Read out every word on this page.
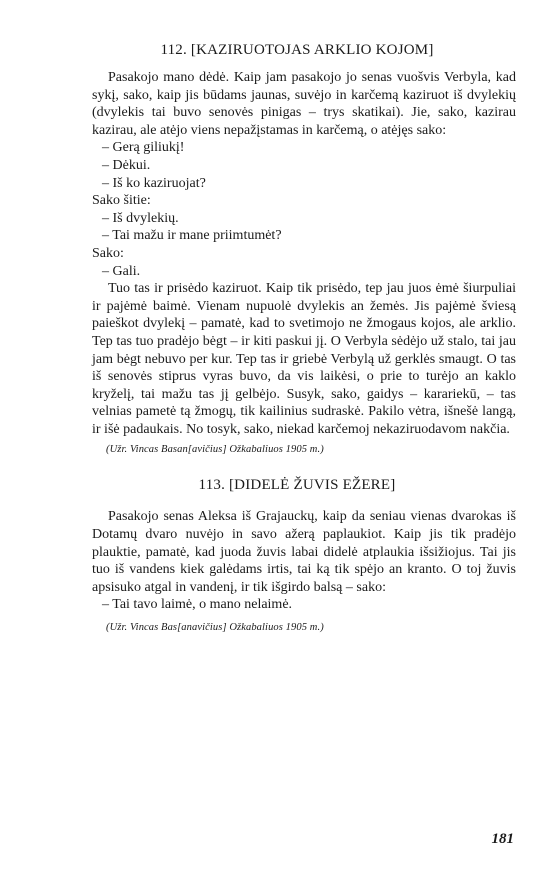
112. [KAZIRUOTOJAS ARKLIO KOJOM]

Pasakojo mano dėdė. Kaip jam pasakojo jo senas vuošvis Verbyla, kad sykį, sako, kaip jis būdams jaunas, suvėjo in karčemą kaziruot iš dvylekių (dvylekis tai buvo senovės pinigas – trys skatikai). Jie, sako, kazirau kazirau, ale atėjo viens nepažįstamas in karčemą, o atėjęs sako:

– Gerą giliukį!
– Dėkui.
– Iš ko kaziruojat?
Sako šitie:
– Iš dvylekių.
– Tai mažu ir mane priimtumėt?
Sako:
– Gali.

Tuo tas ir prisėdo kaziruot. Kaip tik prisėdo, tep jau juos ėmė šiurpuliai ir pajėmė baimė. Vienam nupuolė dvylekis an žemės. Jis pajėmė šviesą paieškot dvylekį – pamatė, kad to svetimojo ne žmogaus kojos, ale arklio. Tep tas tuo pradėjo bėgt – ir kiti paskui jį. O Verbyla sėdėjo už stalo, tai jau jam bėgt nebuvo per kur. Tep tas ir griebė Verbylą už gerklės smaugt. O tas iš senovės stiprus vyras buvo, da vis laikėsi, o prie to turėjo an kaklo kryželį, tai mažu tas jį gelbėjo. Susyk, sako, gaidys – karariekū, – tas velnias pametė tą žmogų, tik kailinius sudraskė. Pakilo vėtra, išnešė langą, ir išė padaukais. No tosyk, sako, niekad karčemoj nekaziruodavom nakčia.

(Užr. Vincas Basan[avičius] Ožkabaliuos 1905 m.)
113. [DIDELĖ ŽUVIS EŽERE]

Pasakojo senas Aleksa iš Grajauckų, kaip da seniau vienas dvarokas iš Dotamų dvaro nuvėjo in savo ažerą paplaukiot. Kaip jis tik pradėjo plauktie, pamatė, kad juoda žuvis labai didelė atplaukia išsižiojus. Tai jis tuo iš vandens kiek galėdams irtis, tai ką tik spėjo an kranto. O toj žuvis apsisuko atgal in vandenį, ir tik išgirdo balsą – sako:

– Tai tavo laimė, o mano nelaimė.
(Užr. Vincas Bas[anavičius] Ožkabaliuos 1905 m.)
181
